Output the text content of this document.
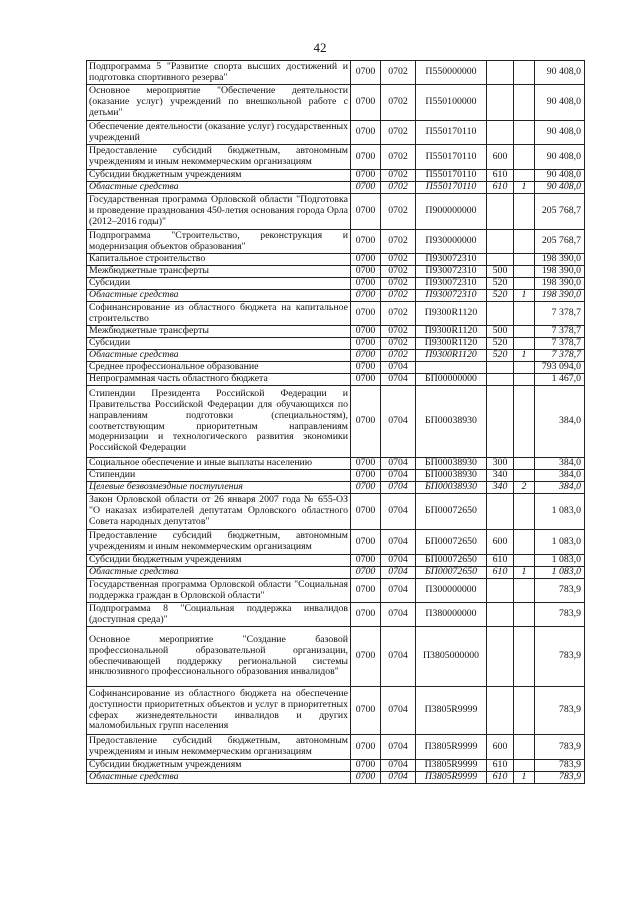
42
Подпрограмма 5 "Развитие спорта высших достижений и подготовка спортивного резерва"	0700	0702	П550000000			90 408,0
Основное мероприятие "Обеспечение деятельности (оказание услуг) учреждений по внешкольной работе с детьми"	0700	0702	П550100000			90 408,0
Обеспечение деятельности (оказание услуг) государственных учреждений	0700	0702	П550170110			90 408,0
Предоставление субсидий бюджетным, автономным учреждениям и иным некоммерческим организациям	0700	0702	П550170110	600		90 408,0
Субсидии бюджетным учреждениям	0700	0702	П550170110	610		90 408,0
Областные средства	0700	0702	П550170110	610	1	90 408,0
Государственная программа Орловской области "Подготовка и проведение празднования 450-летия основания города Орла (2012–2016 годы)"	0700	0702	П900000000			205 768,7
Подпрограмма "Строительство, реконструкция и модернизация объектов образования"	0700	0702	П930000000			205 768,7
Капитальное строительство	0700	0702	П930072310			198 390,0
Межбюджетные трансферты	0700	0702	П930072310	500		198 390,0
Субсидии	0700	0702	П930072310	520		198 390,0
Областные средства	0700	0702	П930072310	520	1	198 390,0
Софинансирование из областного бюджета на капитальное строительство	0700	0702	П9300R1120			7 378,7
Межбюджетные трансферты	0700	0702	П9300R1120	500		7 378,7
Субсидии	0700	0702	П9300R1120	520		7 378,7
Областные средства	0700	0702	П9300R1120	520	1	7 378,7
Среднее профессиональное образование	0700	0704				793 094,0
Непрограммная часть областного бюджета	0700	0704	БП00000000			1 467,0
Стипендии Президента Российской Федерации и Правительства Российской Федерации для обучающихся по направлениям подготовки (специальностям), соответствующим приоритетным направлениям модернизации и технологического развития экономики Российской Федерации	0700	0704	БП00038930			384,0
Социальное обеспечение и иные выплаты населению	0700	0704	БП00038930	300		384,0
Стипендии	0700	0704	БП00038930	340		384,0
Целевые безвозмездные поступления	0700	0704	БП00038930	340	2	384,0
Закон Орловской области от 26 января 2007 года № 655-ОЗ "О наказах избирателей депутатам Орловского областного Совета народных депутатов"	0700	0704	БП00072650			1 083,0
Предоставление субсидий бюджетным, автономным учреждениям и иным некоммерческим организациям	0700	0704	БП00072650	600		1 083,0
Субсидии бюджетным учреждениям	0700	0704	БП00072650	610		1 083,0
Областные средства	0700	0704	БП00072650	610	1	1 083,0
Государственная программа Орловской области "Социальная поддержка граждан в Орловской области"	0700	0704	П300000000			783,9
Подпрограмма 8 "Социальная поддержка инвалидов (доступная среда)"	0700	0704	П380000000			783,9
Основное мероприятие "Создание базовой профессиональной образовательной организации, обеспечивающей поддержку региональной системы инклюзивного профессионального образования инвалидов"	0700	0704	П3805000000			783,9
Софинансирование из областного бюджета на обеспечение доступности приоритетных объектов и услуг в приоритетных сферах жизнедеятельности инвалидов и других маломобильных групп населения	0700	0704	П3805R9999			783,9
Предоставление субсидий бюджетным, автономным учреждениям и иным некоммерческим организациям	0700	0704	П3805R9999	600		783,9
Субсидии бюджетным учреждениям	0700	0704	П3805R9999	610		783,9
Областные средства	0700	0704	П3805R9999	610	1	783,9
